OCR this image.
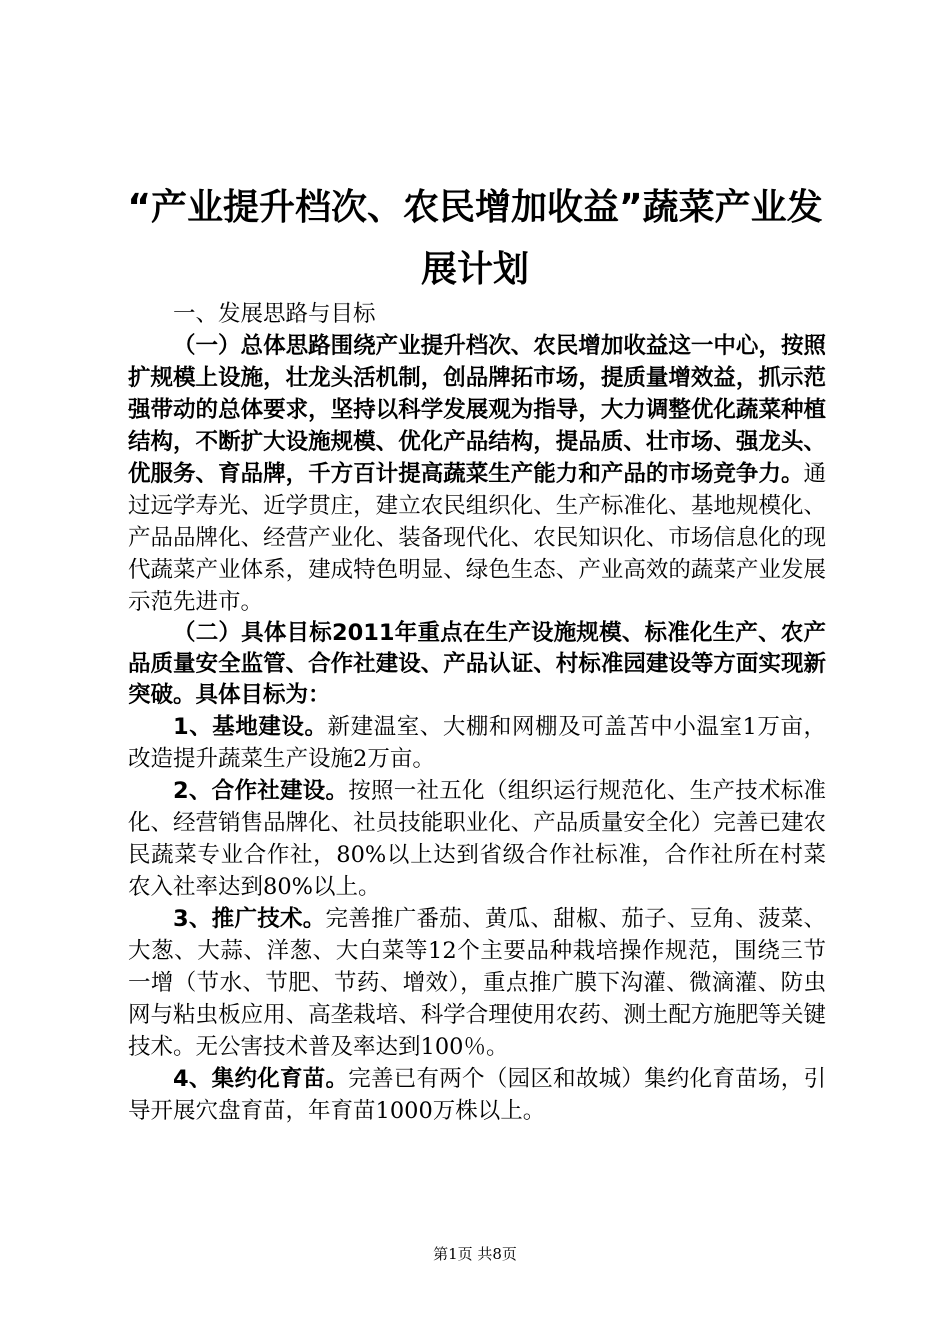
“产业提升档次、农民增加收益”蔬菜产业发
展计划

一、发展思路与目标

（一）总体思路围绕产业提升档次、农民增加收益这一中心，按照扩规模上设施，壮龙头活机制，创品牌拓市场，提质量增效益，抓示范强带动的总体要求，坚持以科学发展观为指导，大力调整优化蔬菜种植结构，不断扩大设施规模、优化产品结构，提品质、壮市场、强龙头、优服务、育品牌，千方百计提高蔬菜生产能力和产品的市场竞争力。通过远学寿光、近学贯庄，建立农民组织化、生产标准化、基地规模化、产品品牌化、经营产业化、装备现代化、农民知识化、市场信息化的现代蔬菜产业体系，建成特色明显、绿色生态、产业高效的蔬菜产业发展示范先进市。

（二）具体目标2011年重点在生产设施规模、标准化生产、农产品质量安全监管、合作社建设、产品认证、村标准园建设等方面实现新突破。具体目标为：

1、基地建设。新建温室、大棚和网棚及可盖苫中小温室1万亩，改造提升蔬菜生产设施2万亩。

2、合作社建设。按照一社五化（组织运行规范化、生产技术标准化、经营销售品牌化、社员技能职业化、产品质量安全化）完善已建农民蔬菜专业合作社，80%以上达到省级合作社标准，合作社所在村菜农入社率达到80%以上。

3、推广技术。完善推广番茄、黄瓜、甜椒、茄子、豆角、菠菜、大葱、大蒜、洋葱、大白菜等12个主要品种栽培操作规范，围绕三节一增（节水、节肥、节药、增效），重点推广膜下沟灌、微滴灌、防虫网与粘虫板应用、高垄栽培、科学合理使用农药、测土配方施肥等关键技术。无公害技术普及率达到100％。

4、集约化育苗。完善已有两个（园区和故城）集约化育苗场，引导开展穴盘育苗，年育苗1000万株以上。

第1页 共8页
